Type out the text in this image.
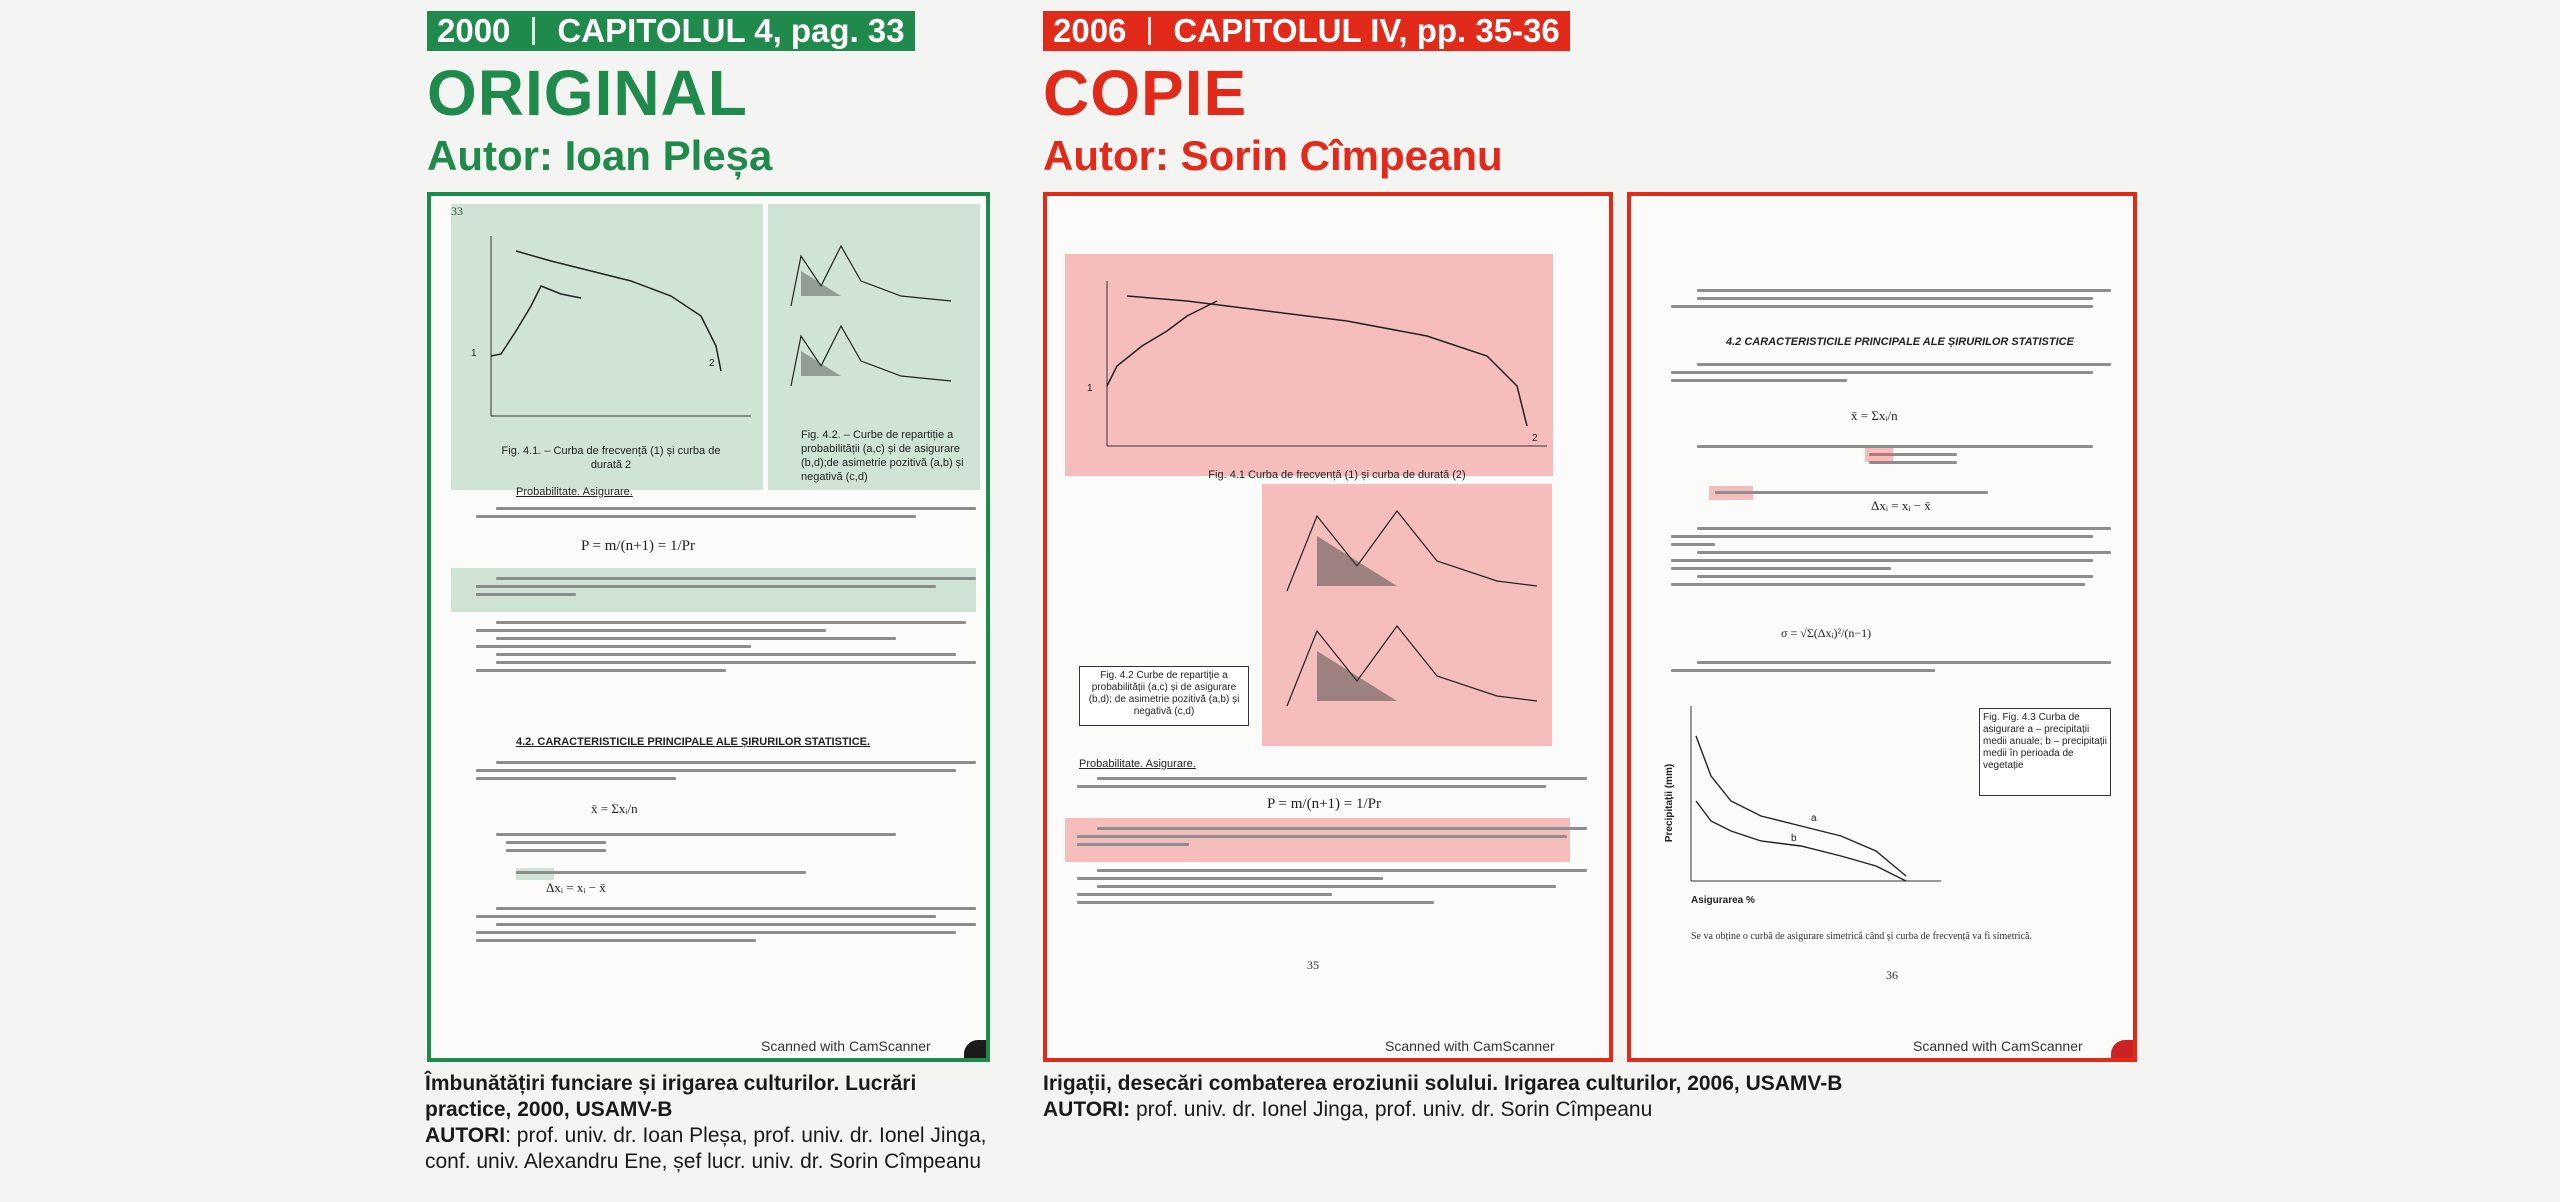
2000 CAPITOLUL 4, pag. 33
ORIGINAL
Autor: Ioan Pleșa
2006 CAPITOLUL IV, pp. 35-36
COPIE
Autor: Sorin Cîmpeanu
33
1
2
Fig. 4.1. – Curba de frecvență (1) și curba de durată 2
Fig. 4.2. – Curbe de repartiție a probabilității (a,c) și de asigurare (b,d);de asimetrie pozitivă (a,b) și negativă (c,d)
Probabilitate. Asigurare.
P = m/(n+1) = 1/Pr
4.2. CARACTERISTICILE PRINCIPALE ALE ȘIRURILOR STATISTICE.
x̄ = Σxᵢ/n
Δxᵢ = xᵢ − x̄
Scanned with CamScanner
1
2
Fig. 4.1 Curba de frecvență (1) și curba de durată (2)
Fig. 4.2 Curbe de repartiție a probabilității (a,c) și de asigurare (b,d); de asimetrie pozitivă (a,b) și negativă (c,d)
Probabilitate. Asigurare.
P = m/(n+1) = 1/Pr
35
Scanned with CamScanner
4.2 CARACTERISTICILE PRINCIPALE ALE ȘIRURILOR STATISTICE
x̄ = Σxᵢ/n
Δxᵢ = xᵢ − x̄
σ = √Σ(Δxᵢ)²/(n−1)
a
b
Asigurarea %
Precipitații (mm)
Fig. Fig. 4.3 Curba de asigurare a – precipitații medii anuale; b – precipitații medii în perioada de vegetație
Se va obține o curbă de asigurare simetrică când și curba de frecvență va fi simetrică.
36
Scanned with CamScanner
Îmbunătățiri funciare și irigarea culturilor. Lucrări practice, 2000, USAMV-B
AUTORI: prof. univ. dr. Ioan Pleșa, prof. univ. dr. Ionel Jinga, conf. univ. Alexandru Ene, șef lucr. univ. dr. Sorin Cîmpeanu
Irigații, desecări combaterea eroziunii solului. Irigarea culturilor, 2006, USAMV-B
AUTORI: prof. univ. dr. Ionel Jinga, prof. univ. dr. Sorin Cîmpeanu
